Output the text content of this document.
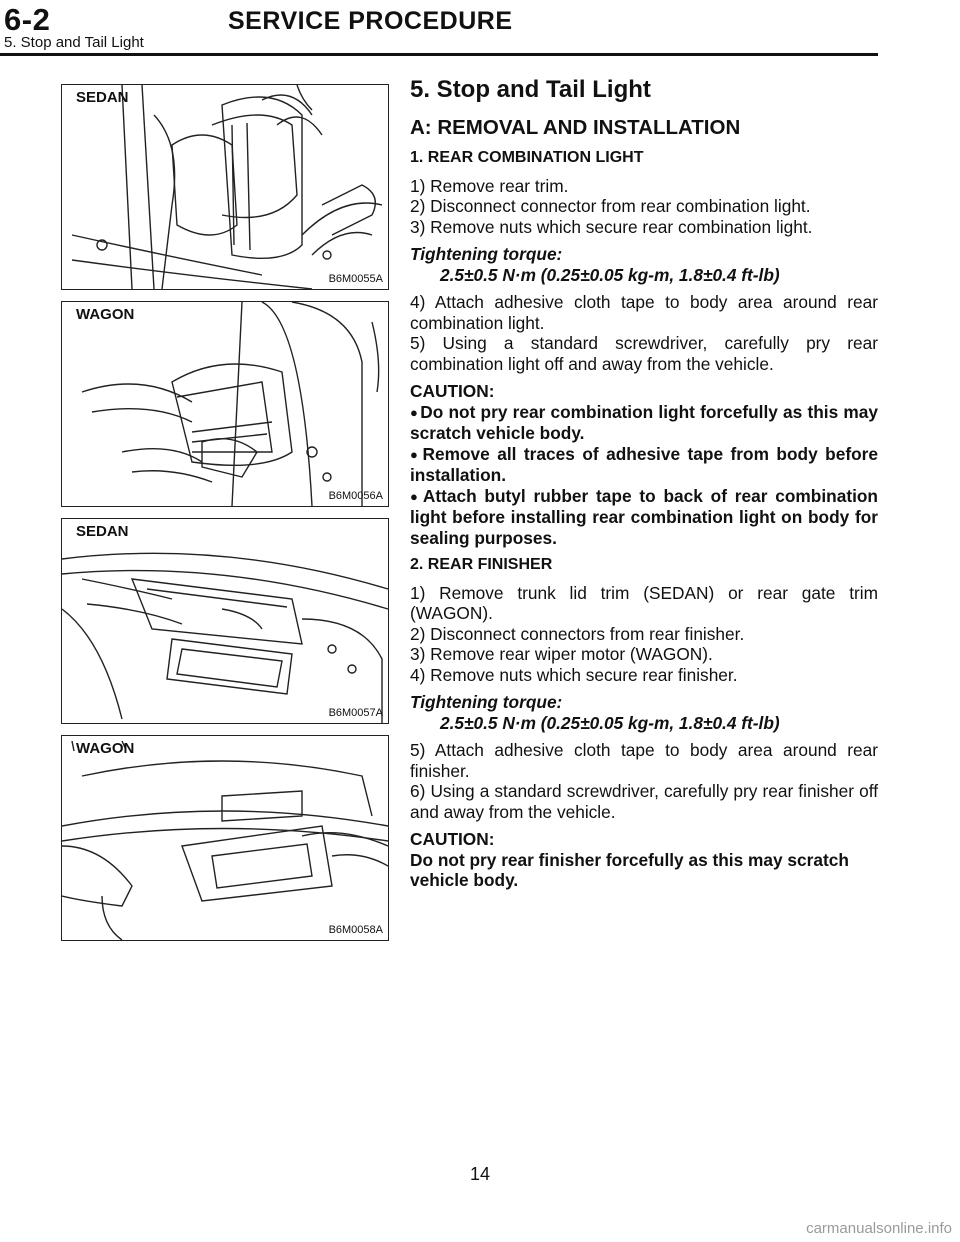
6-2	SERVICE PROCEDURE
5. Stop and Tail Light
SEDAN
B6M0055A
WAGON
B6M0056A
SEDAN
B6M0057A
WAGON
B6M0058A
5. Stop and Tail Light
A: REMOVAL AND INSTALLATION
1. REAR COMBINATION LIGHT

1) Remove rear trim.

2) Disconnect connector from rear combination light.

3) Remove nuts which secure rear combination light.

Tightening torque:

2.5±0.5 N·m (0.25±0.05 kg-m, 1.8±0.4 ft-lb)

4) Attach adhesive cloth tape to body area around rear combination light.

5) Using a standard screwdriver, carefully pry rear combination light off and away from the vehicle.

CAUTION:

● Do not pry rear combination light forcefully as this may scratch vehicle body.

● Remove all traces of adhesive tape from body before installation.

● Attach butyl rubber tape to back of rear combination light before installing rear combination light on body for sealing purposes.

2. REAR FINISHER

1) Remove trunk lid trim (SEDAN) or rear gate trim (WAGON).

2) Disconnect connectors from rear finisher.

3) Remove rear wiper motor (WAGON).

4) Remove nuts which secure rear finisher.

Tightening torque:

2.5±0.5 N·m (0.25±0.05 kg-m, 1.8±0.4 ft-lb)

5) Attach adhesive cloth tape to body area around rear finisher.

6) Using a standard screwdriver, carefully pry rear finisher off and away from the vehicle.

CAUTION:

Do not pry rear finisher forcefully as this may scratch vehicle body.

14
carmanualsonline.info
